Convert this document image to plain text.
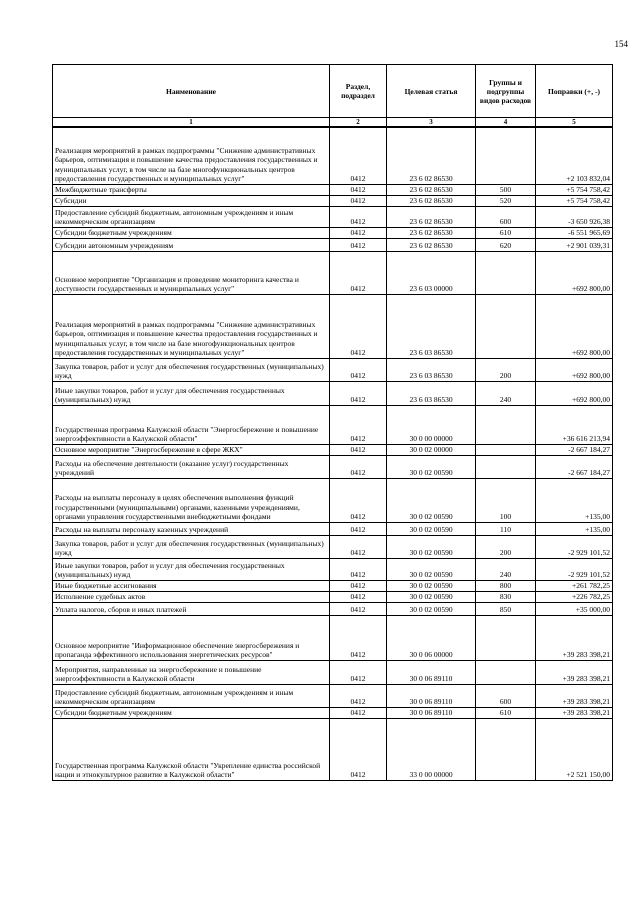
154
Наименование	Раздел, подраздел	Целевая статья	Группы и подгруппы видов расходов	Поправки (+, -)
1	2	3	4	5
Реализация мероприятий в рамках подпрограммы "Снижение административных барьеров, оптимизация и повышение качества предоставления государственных и муниципальных услуг, в том числе на базе многофункциональных центров предоставления государственных и муниципальных услуг"	0412	23 6 02 86530		+2 103 832,04
Межбюджетные трансферты	0412	23 6 02 86530	500	+5 754 758,42
Субсидии	0412	23 6 02 86530	520	+5 754 758,42
Предоставление субсидий бюджетным, автономным учреждениям и иным некоммерческим организациям	0412	23 6 02 86530	600	-3 650 926,38
Субсидии бюджетным учреждениям	0412	23 6 02 86530	610	-6 551 965,69
Субсидии автономным учреждениям	0412	23 6 02 86530	620	+2 901 039,31
Основное мероприятие "Организация и проведение мониторинга качества и доступности государственных и муниципальных услуг"	0412	23 6 03 00000		+692 800,00
Реализация мероприятий в рамках подпрограммы "Снижение административных барьеров, оптимизация и повышение качества предоставления государственных и муниципальных услуг, в том числе на базе многофункциональных центров предоставления государственных и муниципальных услуг"	0412	23 6 03 86530		+692 800,00
Закупка товаров, работ и услуг для обеспечения государственных (муниципальных) нужд	0412	23 6 03 86530	200	+692 800,00
Иные закупки товаров, работ и услуг для обеспечения государственных (муниципальных) нужд	0412	23 6 03 86530	240	+692 800,00
Государственная программа Калужской области "Энергосбережение и повышение энергоэффективности в Калужской области"	0412	30 0 00 00000		+36 616 213,94
Основное мероприятие "Энергосбережение в сфере ЖКХ"	0412	30 0 02 00000		-2 667 184,27
Расходы на обеспечение деятельности (оказание услуг) государственных учреждений	0412	30 0 02 00590		-2 667 184,27
Расходы на выплаты персоналу в целях обеспечения выполнения функций государственными (муниципальными) органами, казенными учреждениями, органами управления государственными внебюджетными фондами	0412	30 0 02 00590	100	+135,00
Расходы на выплаты персоналу казенных учреждений	0412	30 0 02 00590	110	+135,00
Закупка товаров, работ и услуг для обеспечения государственных (муниципальных) нужд	0412	30 0 02 00590	200	-2 929 101,52
Иные закупки товаров, работ и услуг для обеспечения государственных (муниципальных) нужд	0412	30 0 02 00590	240	-2 929 101,52
Иные бюджетные ассигнования	0412	30 0 02 00590	800	+261 782,25
Исполнение судебных актов	0412	30 0 02 00590	830	+226 782,25
Уплата налогов, сборов и иных платежей	0412	30 0 02 00590	850	+35 000,00
Основное мероприятие "Информационное обеспечение энергосбережения и пропаганда эффективного использования энергетических ресурсов"	0412	30 0 06 00000		+39 283 398,21
Мероприятия, направленные на энергосбережение и повышение энергоэффективности в Калужской области	0412	30 0 06 89110		+39 283 398,21
Предоставление субсидий бюджетным, автономным учреждениям и иным некоммерческим организациям	0412	30 0 06 89110	600	+39 283 398,21
Субсидии бюджетным учреждениям	0412	30 0 06 89110	610	+39 283 398,21
Государственная программа Калужской области "Укрепление единства российской нации и этнокультурное развитие в Калужской области"	0412	33 0 00 00000		+2 521 150,00
